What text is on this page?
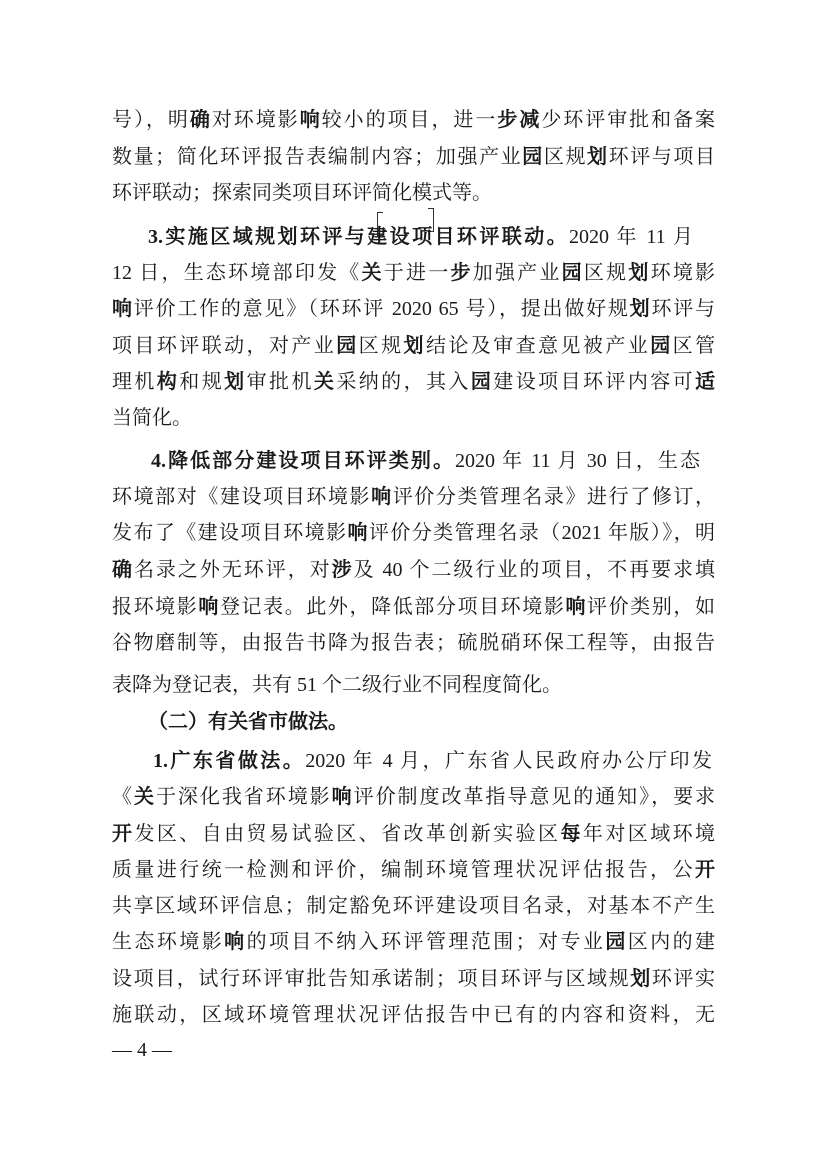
号），明确对环境影响较小的项目，进一步减少环评审批和备案
数量；简化环评报告表编制内容；加强产业园区规划环评与项目
环评联动；探索同类项目环评简化模式等。
3.实施区域规划环评与建设项目环评联动。2020 年 11 月
12 日，生态环境部印发《关于进一步加强产业园区规划环境影
响评价工作的意见》（环环评 2020 65 号），提出做好规划环评与
项目环评联动，对产业园区规划结论及审查意见被产业园区管
理机构和规划审批机关采纳的，其入园建设项目环评内容可适
当简化。
4.降低部分建设项目环评类别。2020 年 11 月 30 日，生态
环境部对《建设项目环境影响评价分类管理名录》进行了修订，
发布了《建设项目环境影响评价分类管理名录（2021 年版）》，明
确名录之外无环评，对涉及 40 个二级行业的项目，不再要求填
报环境影响登记表。此外，降低部分项目环境影响评价类别，如
谷物磨制等，由报告书降为报告表；硫脱硝环保工程等，由报告
表降为登记表，共有 51 个二级行业不同程度简化。
（二）有关省市做法。
1.广东省做法。2020 年 4 月，广东省人民政府办公厅印发
《关于深化我省环境影响评价制度改革指导意见的通知》，要求
开发区、自由贸易试验区、省改革创新实验区每年对区域环境
质量进行统一检测和评价，编制环境管理状况评估报告，公开
共享区域环评信息；制定豁免环评建设项目名录，对基本不产生
生态环境影响的项目不纳入环评管理范围；对专业园区内的建
设项目，试行环评审批告知承诺制；项目环评与区域规划环评实
施联动，区域环境管理状况评估报告中已有的内容和资料，无
— 4 —
